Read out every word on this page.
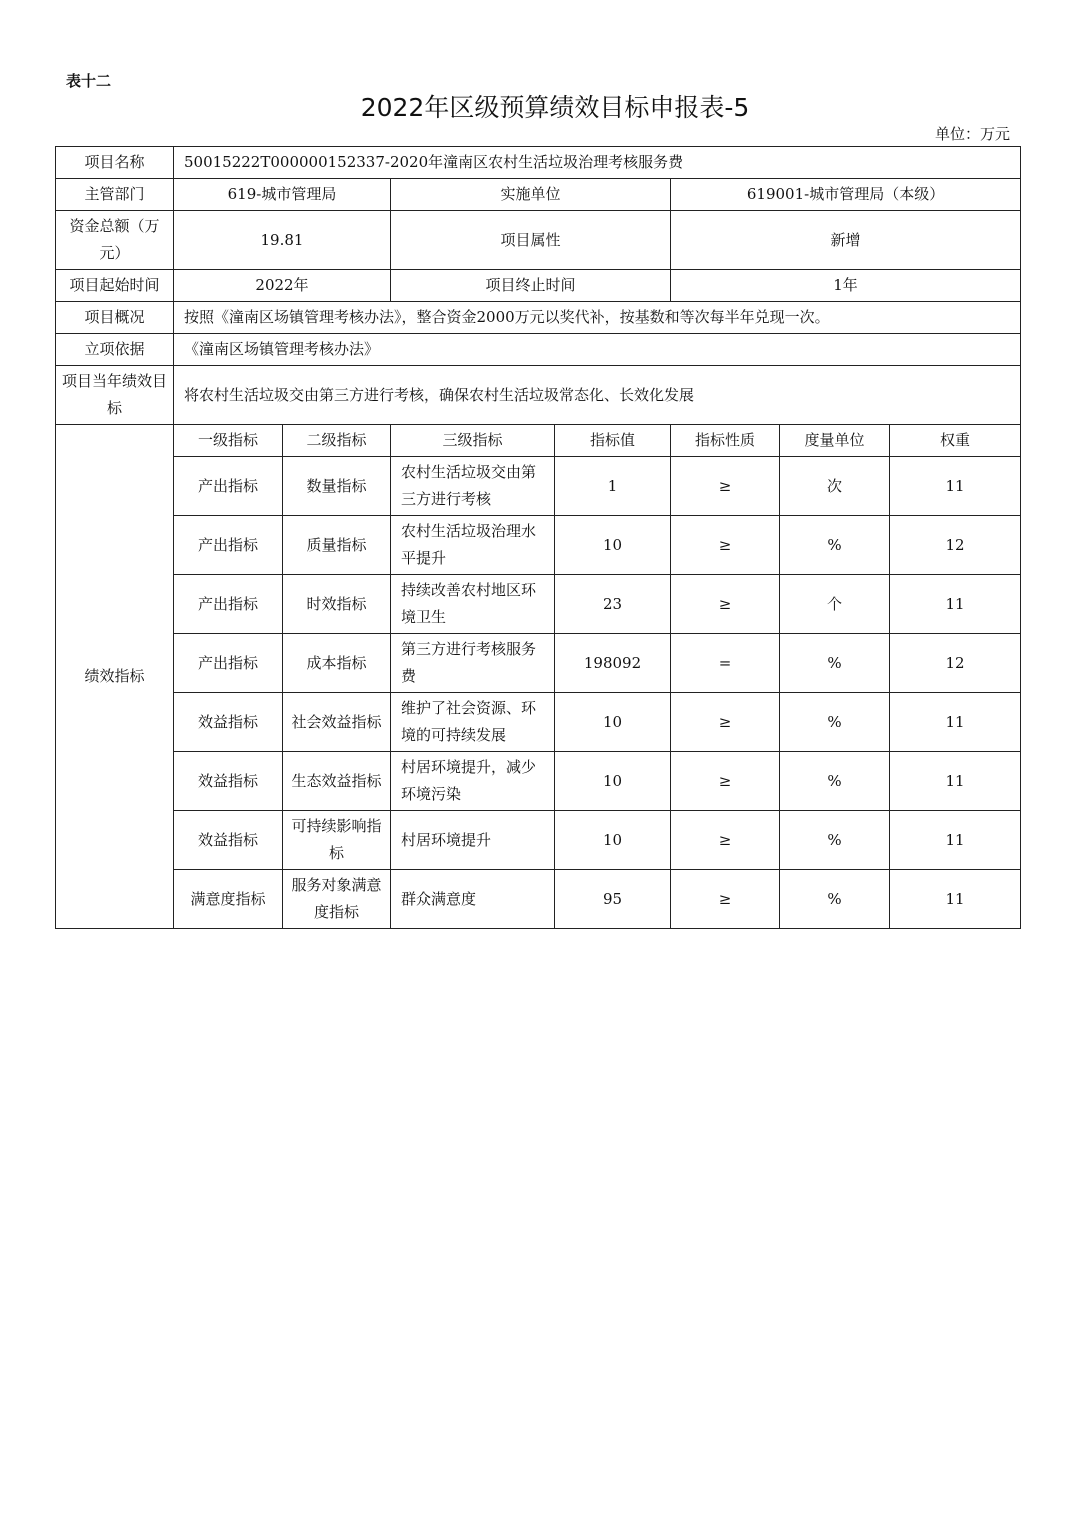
表十二
2022年区级预算绩效目标申报表-5
单位：万元
项目名称	50015222T000000152337-2020年潼南区农村生活垃圾治理考核服务费						
主管部门	619-城市管理局		实施单位		619001-城市管理局（本级）		
资金总额（万元）	19.81		项目属性		新增		
项目起始时间	2022年		项目终止时间		1年		
项目概况	按照《潼南区场镇管理考核办法》，整合资金2000万元以奖代补，按基数和等次每半年兑现一次。						
立项依据	《潼南区场镇管理考核办法》						
项目当年绩效目标	将农村生活垃圾交由第三方进行考核，确保农村生活垃圾常态化、长效化发展						
绩效指标	一级指标	二级指标	三级指标	指标值	指标性质	度量单位	权重
	产出指标	数量指标	农村生活垃圾交由第三方进行考核	1	≥	次	11
	产出指标	质量指标	农村生活垃圾治理水平提升	10	≥	%	12
	产出指标	时效指标	持续改善农村地区环境卫生	23	≥	个	11
	产出指标	成本指标	第三方进行考核服务费	198092	=	%	12
	效益指标	社会效益指标	维护了社会资源、环境的可持续发展	10	≥	%	11
	效益指标	生态效益指标	村居环境提升，减少环境污染	10	≥	%	11
	效益指标	可持续影响指标	村居环境提升	10	≥	%	11
	满意度指标	服务对象满意度指标	群众满意度	95	≥	%	11
